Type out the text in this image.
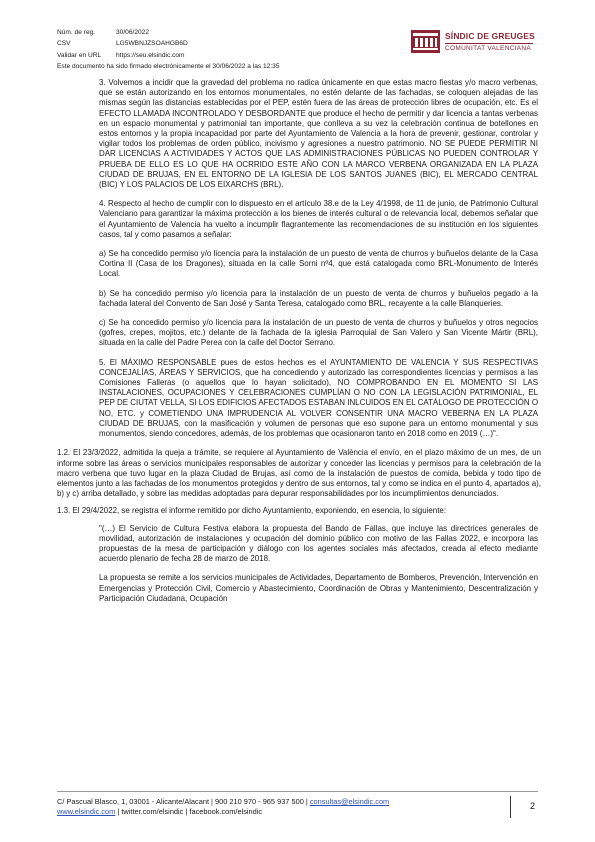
Núm. de reg.	30/06/2022
CSV	LG5WBNJZSOAHGB6D
Validar en URL	https://seu.elsindic.com
Este documento ha sido firmado electrónicamente el 30/06/2022 a las 12:35
SÍNDIC DE GREUGES
COMUNITAT VALENCIANA

3. Volvemos a incidir que la gravedad del problema no radica únicamente en que estas macro fiestas y/o macro verbenas, que se están autorizando en los entornos monumentales, no estén delante de las fachadas, se coloquen alejadas de las mismas según las distancias establecidas por el PEP, estén fuera de las áreas de protección libres de ocupación, etc. Es el EFECTO LLAMADA INCONTROLADO Y DESBORDANTE que produce el hecho de permitir y dar licencia a tantas verbenas en un espacio monumental y patrimonial tan importante, que conlleva a su vez la celebración continua de botellones en estos entornos y la propia incapacidad por parte del Ayuntamiento de Valencia a la hora de prevenir, gestionar, controlar y vigilar todos los problemas de orden público, incivismo y agresiones a nuestro patrimonio. NO SE PUEDE PERMITIR NI DAR LICENCIAS A ACTIVIDADES Y ACTOS QUE LAS ADMINISTRACIONES PÚBLICAS NO PUEDEN CONTROLAR Y PRUEBA DE ELLO ES LO QUE HA OCRRIDO ESTE AÑO CON LA MARCO VERBENA ORGANIZADA EN LA PLAZA CIUDAD DE BRUJAS, EN EL ENTORNO DE LA IGLESIA DE LOS SANTOS JUANES (BIC), EL MERCADO CENTRAL (BIC) Y LOS PALACIOS DE LOS EIXARCHS (BRL).

4. Respecto al hecho de cumplir con lo dispuesto en el artículo 38.e de la Ley 4/1998, de 11 de junio, de Patrimonio Cultural Valenciano para garantizar la máxima protección a los bienes de interés cultural o de relevancia local, debemos señalar que el Ayuntamiento de Valencia ha vuelto a incumplir flagrantemente las recomendaciones de su institución en los siguientes casos, tal y como pasamos a señalar:

a) Se ha concedido permiso y/o licencia para la instalación de un puesto de venta de churros y buñuelos delante de la Casa Cortina II (Casa de los Dragones), situada en la calle Sorni nº4, que está catalogada como BRL-Monumento de Interés Local.

b) Se ha concedido permiso y/o licencia para la instalación de un puesto de venta de churros y buñuelos pegado a la fachada lateral del Convento de San José y Santa Teresa, catalogado como BRL, recayente a la calle Blanqueries.

c) Se ha concedido permiso y/o licencia para la instalación de un puesto de venta de churros y buñuelos y otros negocios (gofres, crepes, mojitos, etc.) delante de la fachada de la iglesia Parroquial de San Valero y San Vicente Mártir (BRL), situada en la calle del Padre Perea con la calle del Doctor Serrano.

5. El MÁXIMO RESPONSABLE pues de estos hechos es el AYUNTAMIENTO DE VALENCIA Y SUS RESPECTIVAS CONCEJALÍAS, ÁREAS Y SERVICIOS, que ha concediendo y autorizado las correspondientes licencias y permisos a las Comisiones Falleras (o aquellos que lo hayan solicitado), NO COMPROBANDO EN EL MOMENTO SI LAS INSTALACIONES, OCUPACIONES Y CELEBRACIONES CUMPLÍAN O NO CON LA LEGISLACIÓN PATRIMONIAL, EL PEP DE CIUTAT VELLA, SI LOS EDIFICIOS AFECTADOS ESTABAN INLCUIDOS EN EL CATÁLOGO DE PROTECCIÓN O NO, ETC. y COMETIENDO UNA IMPRUDENCIA AL VOLVER CONSENTIR UNA MACRO VEBERNA EN LA PLAZA CIUDAD DE BRUJAS, con la masificación y volumen de personas que eso supone para un entorno monumental y sus monumentos, siendo concedores, además, de los problemas que ocasionaron tanto en 2018 como en 2019 (…)".

1.2. El 23/3/2022, admitida la queja a trámite, se requiere al Ayuntamiento de València el envío, en el plazo máximo de un mes, de un informe sobre las áreas o servicios municipales responsables de autorizar y conceder las licencias y permisos para la celebración de la macro verbena que tuvo lugar en la plaza Ciudad de Brujas, así como de la instalación de puestos de comida, bebida y todo tipo de elementos junto a las fachadas de los monumentos protegidos y dentro de sus entornos, tal y como se indica en el punto 4, apartados a), b) y c) arriba detallado, y sobre las medidas adoptadas para depurar responsabilidades por los incumplimientos denunciados.

1.3. El 29/4/2022, se registra el informe remitido por dicho Ayuntamiento, exponiendo, en esencia, lo siguiente:

"(…) El Servicio de Cultura Festiva elabora la propuesta del Bando de Fallas, que incluye las directrices generales de movilidad, autorización de instalaciones y ocupación del dominio público con motivo de las Fallas 2022, e incorpora las propuestas de la mesa de participación y diálogo con los agentes sociales más afectados, creada al efecto mediante acuerdo plenario de fecha 28 de marzo de 2018.

La propuesta se remite a los servicios municipales de Actividades, Departamento de Bomberos, Prevención, Intervención en Emergencias y Protección Civil, Comercio y Abastecimiento, Coordinación de Obras y Mantenimiento, Descentralización y Participación Ciudadana, Ocupación

C/ Pascual Blasco, 1, 03001 - Alicante/Alacant | 900 210 970 - 965 937 500 | consultas@elsindic.com
www.elsindic.com | twitter.com/elsindic | facebook.com/elsindic
2
